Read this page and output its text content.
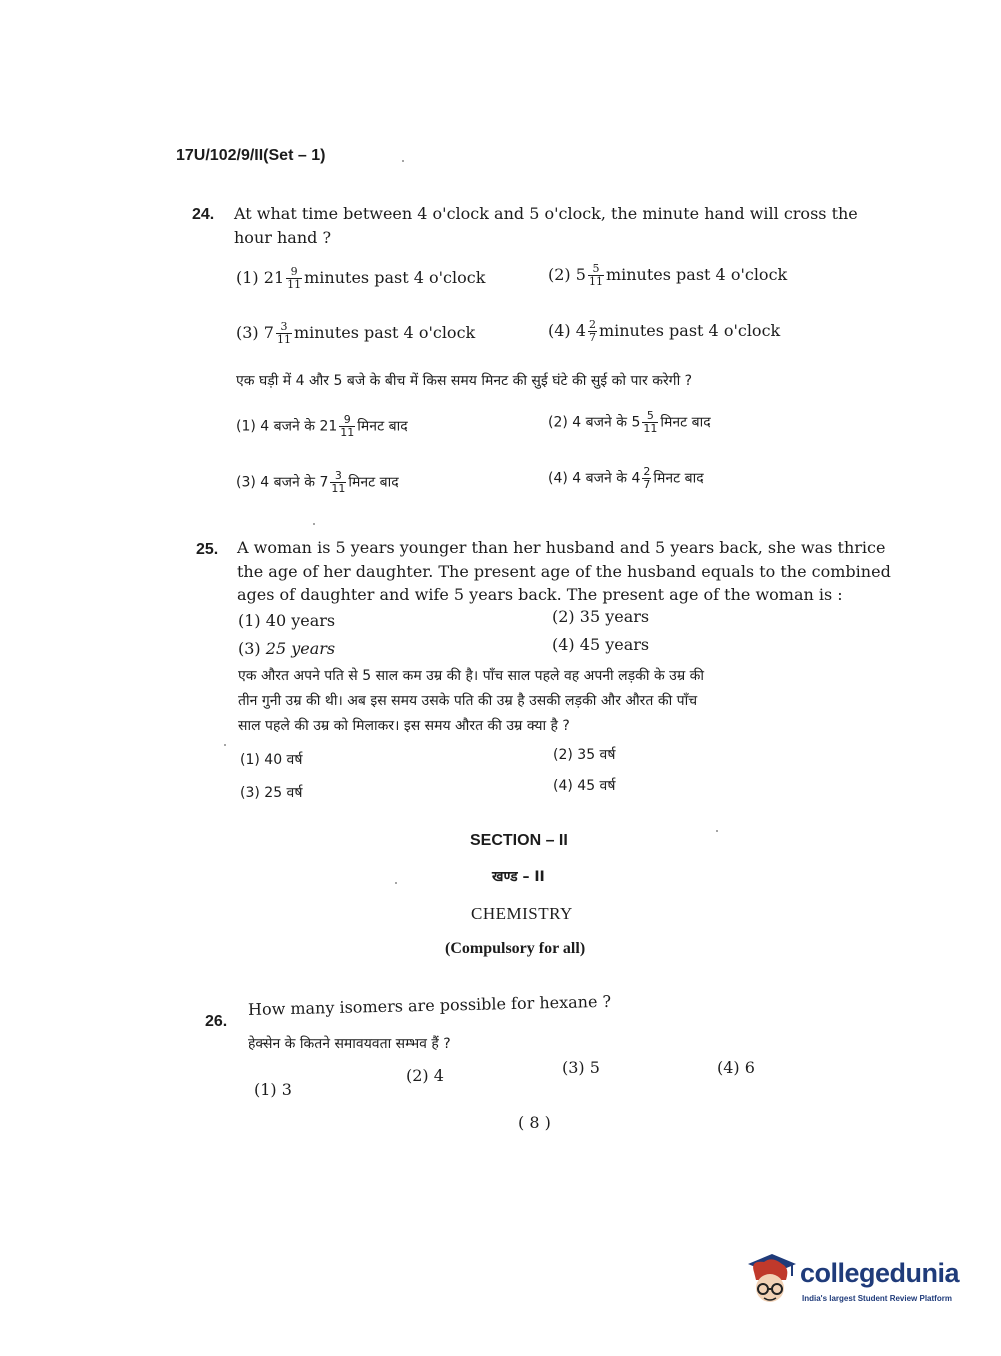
17U/102/9/II(Set – 1)
24. At what time between 4 o'clock and 5 o'clock, the minute hand will cross the
hour hand ?
(1) $21 \frac{9}{11}$ minutes past 4 o'clock	(2) $5 \frac{5}{11}$ minutes past 4 o'clock
(3) $7 \frac{3}{11}$ minutes past 4 o'clock	(4) $4 \frac{2}{7}$ minutes past 4 o'clock
एक घड़ी में 4 और 5 बजे के बीच में किस समय मिनट की सुई घंटे की सुई को पार करेगी ?
(1) 4 बजने के $21 \frac{9}{11}$ मिनट बाद	(2) 4 बजने के $5 \frac{5}{11}$ मिनट बाद
(3) 4 बजने के $7 \frac{3}{11}$ मिनट बाद	(4) 4 बजने के $4 \frac{2}{7}$ मिनट बाद
25. A woman is 5 years younger than her husband and 5 years back, she was thrice
the age of her daughter. The present age of the husband equals to the combined
ages of daughter and wife 5 years back. The present age of the woman is :
(1) 40 years	(2) 35 years
(3) 25 years	(4) 45 years
एक औरत अपने पति से 5 साल कम उम्र की है। पाँच साल पहले वह अपनी लड़की के उम्र की
तीन गुनी उम्र की थी। अब इस समय उसके पति की उम्र है उसकी लड़की और औरत की पाँच
साल पहले की उम्र को मिलाकर। इस समय औरत की उम्र क्या है ?
(1) 40 वर्ष	(2) 35 वर्ष
(3) 25 वर्ष	(4) 45 वर्ष
SECTION – II
खण्ड – II
CHEMISTRY
(Compulsory for all)
26.
How many isomers are possible for hexane ?
हेक्सेन के कितने समावयवता सम्भव हैं ?
(1) 3
(2) 4	(3) 5	(4) 6
( 8 )
collegedunia
India's largest Student Review Platform
